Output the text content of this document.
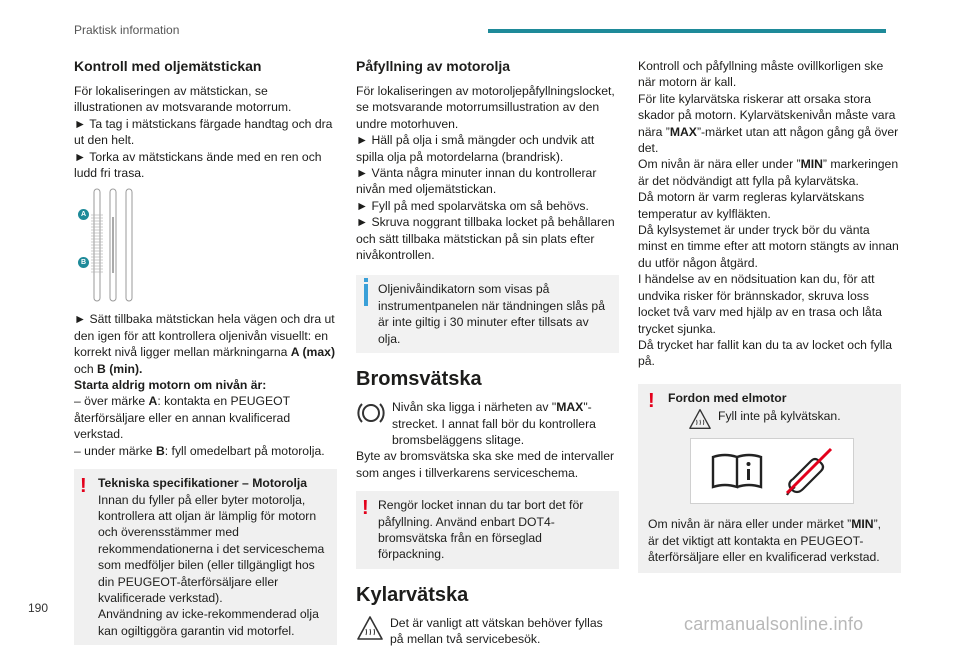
Praktisk information
Kontroll med oljemätstickan

För lokaliseringen av mätstickan, se illustrationen av motsvarande motorrum.

► Ta tag i mätstickans färgade handtag och dra ut den helt.

► Torka av mätstickans ände med en ren och ludd fri trasa.

A
B

► Sätt tillbaka mätstickan hela vägen och dra ut den igen för att kontrollera oljenivån visuellt: en korrekt nivå ligger mellan märkningarna A (max) och B (min).

Starta aldrig motorn om nivån är:

– över märke A: kontakta en PEUGEOT återförsäljare eller en annan kvalificerad verkstad.

– under märke B: fyll omedelbart på motorolja.

! Tekniska specifikationer – Motorolja

Innan du fyller på eller byter motorolja, kontrollera att oljan är lämplig för motorn och överensstämmer med rekommendationerna i det serviceschema som medföljer bilen (eller tillgängligt hos din PEUGEOT-återförsäljare eller kvalificerade verkstad).

Användning av icke-rekommenderad olja kan ogiltiggöra garantin vid motorfel.

Påfyllning av motorolja

För lokaliseringen av motoroljepåfyllningslocket, se motsvarande motorrumsillustration av den undre motorhuven.

► Häll på olja i små mängder och undvik att spilla olja på motordelarna (brandrisk).

► Vänta några minuter innan du kontrollerar nivån med oljemätstickan.

► Fyll på med spolarvätska om så behövs.

► Skruva noggrant tillbaka locket på behållaren och sätt tillbaka mätstickan på sin plats efter nivåkontrollen.

Oljenivåindikatorn som visas på instrumentpanelen när tändningen slås på är inte giltig i 30 minuter efter tillsats av olja.

Bromsvätska

Nivån ska ligga i närheten av "MAX"-strecket. I annat fall bör du kontrollera bromsbeläggens slitage.

Byte av bromsvätska ska ske med de intervaller som anges i tillverkarens serviceschema.

! Rengör locket innan du tar bort det för påfyllning. Använd enbart DOT4-bromsvätska från en förseglad förpackning.

Kylarvätska

Det är vanligt att vätskan behöver fyllas på mellan två servicebesök.

Kontroll och påfyllning måste ovillkorligen ske när motorn är kall.

För lite kylarvätska riskerar att orsaka stora skador på motorn. Kylarvätskenivån måste vara nära ”MAX”-märket utan att någon gång gå över det.

Om nivån är nära eller under ”MIN” markeringen är det nödvändigt att fylla på kylarvätska.

Då motorn är varm regleras kylarvätskans temperatur av kylfläkten.

Då kylsystemet är under tryck bör du vänta minst en timme efter att motorn stängts av innan du utför någon åtgärd.

I händelse av en nödsituation kan du, för att undvika risker för brännskador, skruva loss locket två varv med hjälp av en trasa och låta trycket sjunka.

Då trycket har fallit kan du ta av locket och fylla på.

!	Fordon med elmotor

Fyll inte på kylvätskan.

Om nivån är nära eller under märket ”MIN”, är det viktigt att kontakta en PEUGEOT-återförsäljare eller en kvalificerad verkstad.

190
carmanualsonline.info
